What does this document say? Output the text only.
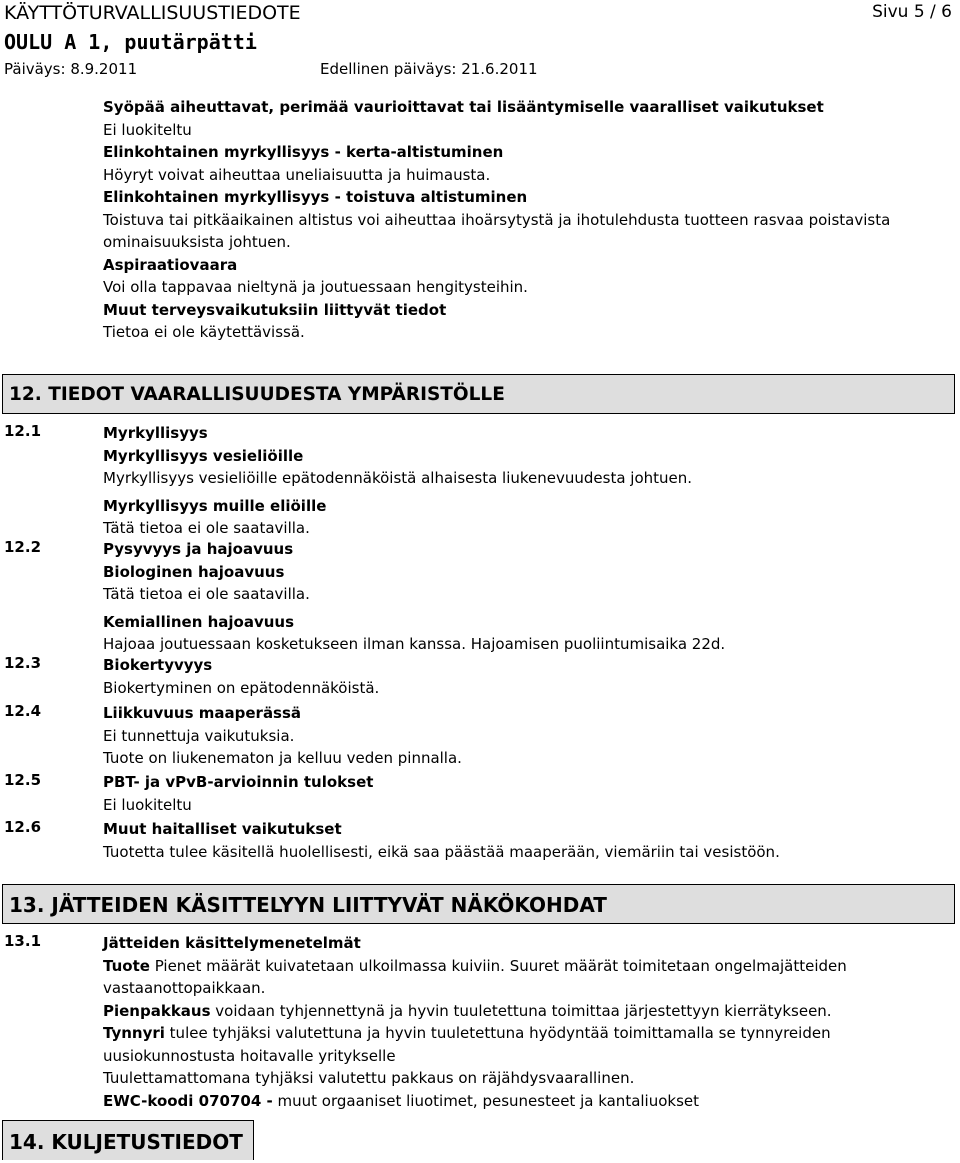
KÄYTTÖTURVALLISUUSTIEDOTE	Sivu 5 / 6
OULU A 1, puutärpätti
Päiväys: 8.9.2011	Edellinen päiväys: 21.6.2011
Syöpää aiheuttavat, perimää vaurioittavat tai lisääntymiselle vaaralliset vaikutukset
Ei luokiteltu
Elinkohtainen myrkyllisyys - kerta-altistuminen
Höyryt voivat aiheuttaa uneliaisuutta ja huimausta.
Elinkohtainen myrkyllisyys - toistuva altistuminen
Toistuva tai pitkäaikainen altistus voi aiheuttaa ihoärsytystä ja ihotulehdusta tuotteen rasvaa poistavista ominaisuuksista johtuen.
Aspiraatiovaara
Voi olla tappavaa nieltynä ja joutuessaan hengitysteihin.
Muut terveysvaikutuksiin liittyvät tiedot
Tietoa ei ole käytettävissä.
12. TIEDOT VAARALLISUUDESTA YMPÄRISTÖLLE
12.1	Myrkyllisyys
Myrkyllisyys vesieliöille
Myrkyllisyys vesieliöille epätodennäköistä alhaisesta liukenevuudesta johtuen.
Myrkyllisyys muille eliöille
Tätä tietoa ei ole saatavilla.
12.2	Pysyvyys ja hajoavuus
Biologinen hajoavuus
Tätä tietoa ei ole saatavilla.
Kemiallinen hajoavuus
Hajoaa joutuessaan kosketukseen ilman kanssa. Hajoamisen puoliintumisaika 22d.
12.3	Biokertyvyys
Biokertyminen on epätodennäköistä.
12.4	Liikkuvuus maaperässä
Ei tunnettuja vaikutuksia.
Tuote on liukenematon ja kelluu veden pinnalla.
12.5	PBT- ja vPvB-arvioinnin tulokset
Ei luokiteltu
12.6	Muut haitalliset vaikutukset
Tuotetta tulee käsitellä huolellisesti, eikä saa päästää maaperään, viemäriin tai vesistöön.
13. JÄTTEIDEN KÄSITTELYYN LIITTYVÄT NÄKÖKOHDAT
13.1	Jätteiden käsittelymenetelmät
Tuote Pienet määrät kuivatetaan ulkoilmassa kuiviin. Suuret määrät toimitetaan ongelmajätteiden vastaanottopaikkaan.
Pienpakkaus voidaan tyhjennettynä ja hyvin tuuletettuna toimittaa järjestettyyn kierrätykseen.
Tynnyri tulee tyhjäksi valutettuna ja hyvin tuuletettuna hyödyntää toimittamalla se tynnyreiden uusiokunnostusta hoitavalle yritykselle
Tuulettamattomana tyhjäksi valutettu pakkaus on räjähdysvaarallinen.
EWC-koodi 070704 - muut orgaaniset liuotimet, pesunesteet ja kantaliuokset
14. KULJETUSTIEDOT
